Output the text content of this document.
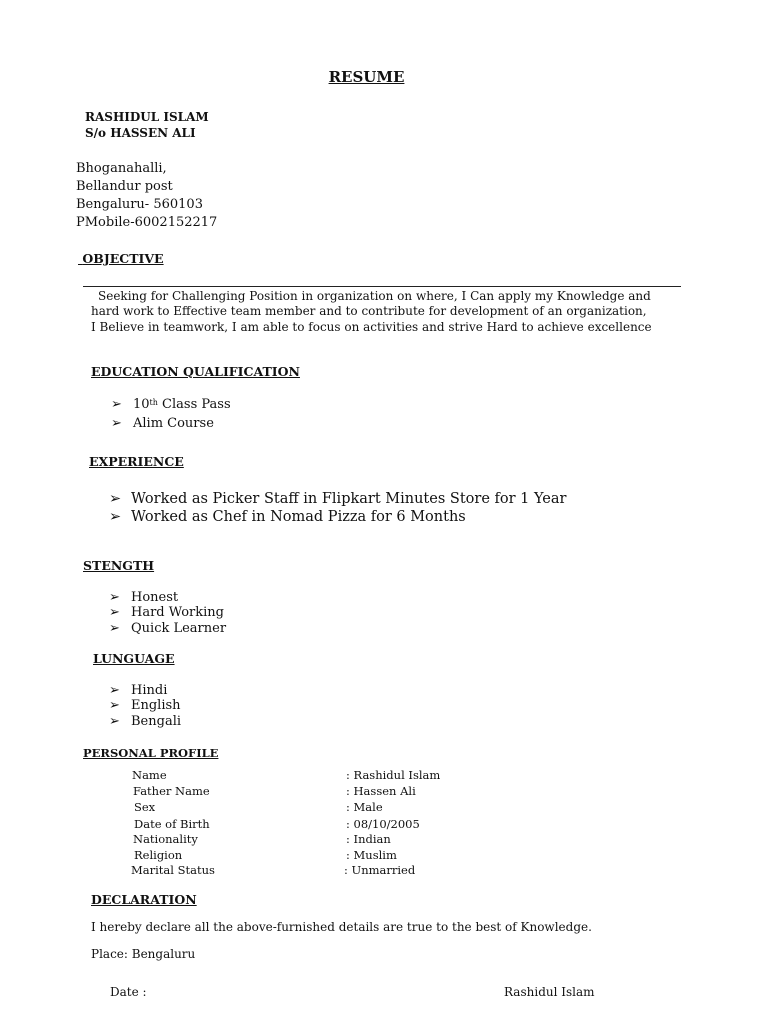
RESUME
RASHIDUL ISLAM
S/o HASSEN ALI
Bhoganahalli,
Bellandur post
Bengaluru- 560103
PMobile-6002152217
OBJECTIVE
Seeking for Challenging Position in organization on where, I Can apply my Knowledge and
hard work to Effective team member and to contribute for development of an organization,
I Believe in teamwork, I am able to focus on activities and strive Hard to achieve excellence
EDUCATION QUALIFICATION
➢ 10th Class Pass
➢ Alim Course
EXPERIENCE
➢ Worked as Picker Staff in Flipkart Minutes Store for 1 Year
➢ Worked as Chef in Nomad Pizza for 6 Months
STENGTH
➢ Honest
➢ Hard Working
➢ Quick Learner
LUNGUAGE
➢ Hindi
➢ English
➢ Bengali
PERSONAL PROFILE
Name	: Rashidul Islam
Father Name	: Hassen Ali
Sex	: Male
Date of Birth	: 08/10/2005
Nationality	: Indian
Religion	: Muslim
Marital Status	: Unmarried
DECLARATION
I hereby declare all the above-furnished details are true to the best of Knowledge.
Place: Bengaluru
Date :	Rashidul Islam
